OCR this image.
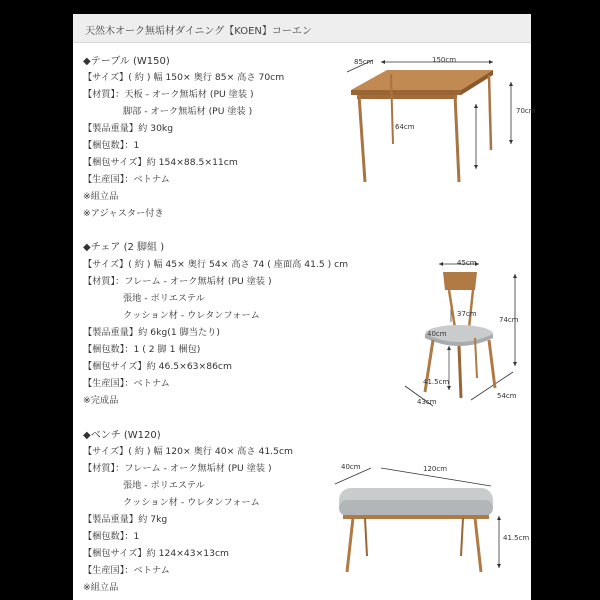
天然木オーク無垢材ダイニング【KOEN】コーエン
◆テーブル (W150)
【サイズ】( 約 ) 幅 150× 奥行 85× 高さ 70cm
【材質】：天板 - オーク無垢材 (PU 塗装 )
脚部 - オーク無垢材 (PU 塗装 )
【製品重量】約 30kg
【梱包数】：1
【梱包サイズ】約 154×88.5×11cm
【生産国】：ベトナム
※組立品
※アジャスター付き
85cm	150cm
70cm
64cm
◆チェア (2 脚組 )
【サイズ】( 約 ) 幅 45× 奥行 54× 高さ 74 ( 座面高 41.5 ) cm
【材質】：フレーム - オーク無垢材 (PU 塗装 )
張地 - ポリエステル
クッション材 - ウレタンフォーム
【製品重量】約 6kg(1 脚当たり)
【梱包数】：1 ( 2 脚 1 梱包)
【梱包サイズ】約 46.5×63×86cm
【生産国】：ベトナム
※完成品
45cm
37cm
40cm
74cm
41.5cm
43cm
54cm
◆ベンチ (W120)
【サイズ】( 約 ) 幅 120× 奥行 40× 高さ 41.5cm
【材質】：フレーム - オーク無垢材 (PU 塗装 )
張地 - ポリエステル
クッション材 - ウレタンフォーム
【製品重量】約 7kg
【梱包数】：1
【梱包サイズ】約 124×43×13cm
【生産国】：ベトナム
※組立品
40cm	120cm
41.5cm
